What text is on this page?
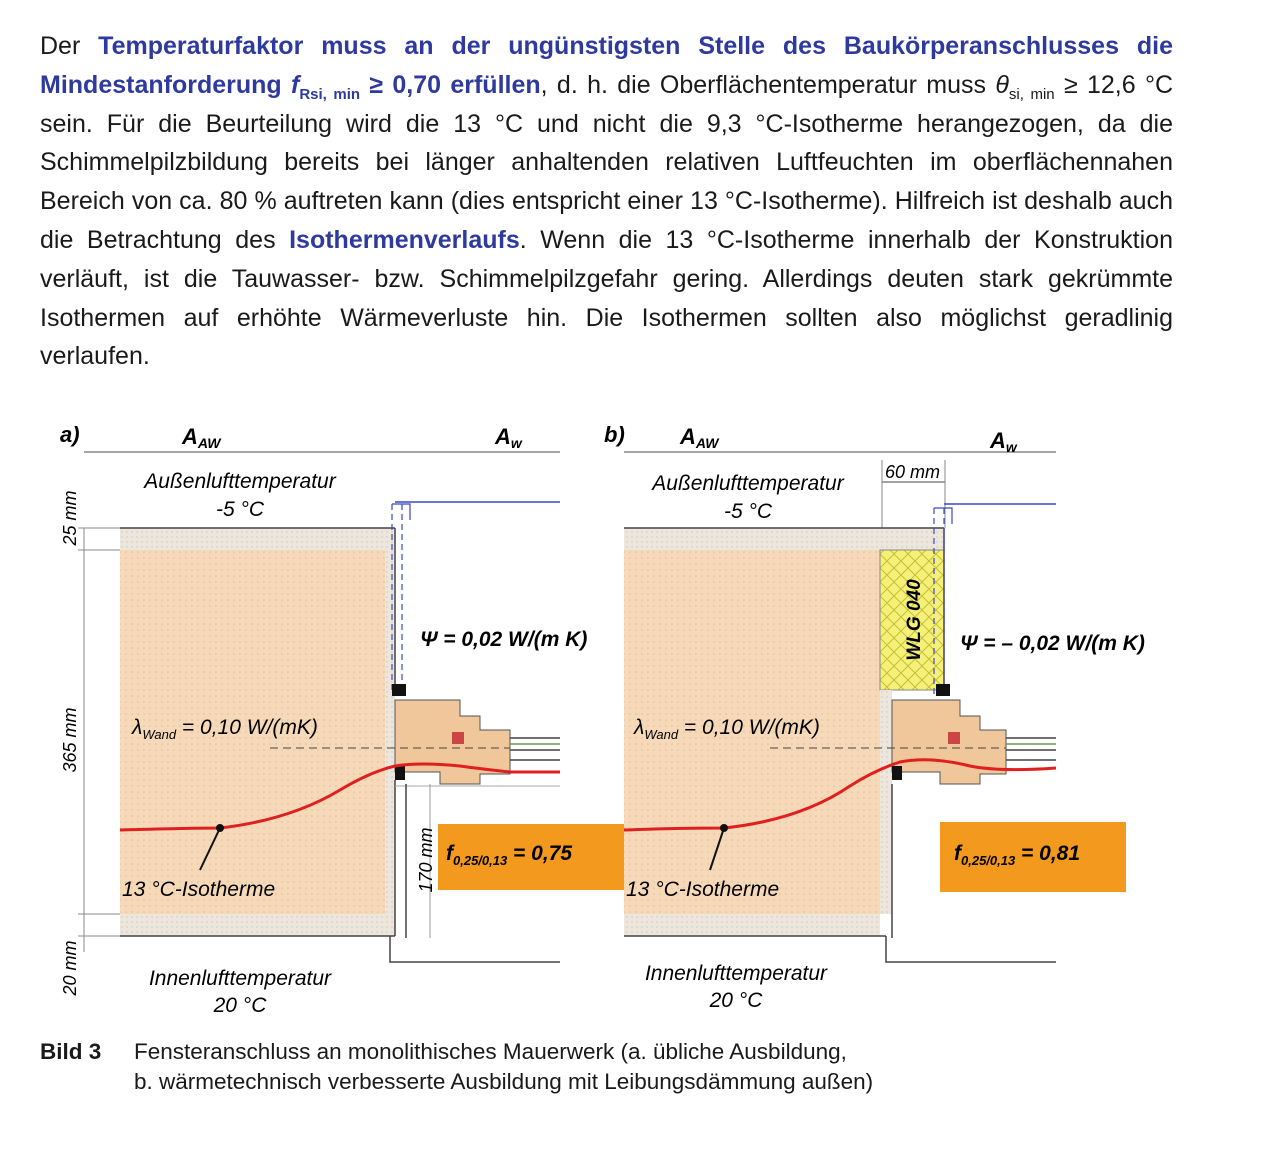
Der Temperaturfaktor muss an der ungünstigsten Stelle des Baukörperanschlusses die Mindestanforderung $f_{Rsi, min} \ge 0,70$ erfüllen, d. h. die Oberflächentemperatur muss $\theta_{si, min} \ge 12,6$ °C sein. Für die Beurteilung wird die 13 °C und nicht die 9,3 °C-Isotherme herangezogen, da die Schimmelpilzbildung bereits bei länger anhaltenden relativen Luftfeuchten im oberflächennahen Bereich von ca. 80 % auftreten kann (dies entspricht einer 13 °C-Isotherme). Hilfreich ist deshalb auch die Betrachtung des Isothermenverlaufs. Wenn die 13 °C-Isotherme innerhalb der Konstruktion verläuft, ist die Tauwasser- bzw. Schimmelpilzgefahr gering. Allerdings deuten stark gekrümmte Isothermen auf erhöhte Wärmeverluste hin. Die Isothermen sollten also möglichst geradlinig verlaufen.
a)	AAW	Aw
Außenlufttemperatur
-5 °C
25 mm
365 mm
20 mm
170 mm
Ψ = 0,02 W/(m K)
$\lambda_{Wand} = 0,10$ W/(mK)
13 °C-Isotherme
$f_{0,25/0,13} = 0,75$
Innenlufttemperatur
20 °C
b)	AAW	Aw
Außenlufttemperatur
-5 °C
60 mm
WLG 040 Ψ = – 0,02 W/(m K)
$\lambda_{Wand} = 0,10$ W/(mK)
13 °C-Isotherme
$f_{0,25/0,13} = 0,81$
Innenlufttemperatur
20 °C
Bild 3 Fensteranschluss an monolithisches Mauerwerk (a. übliche Ausbildung,
b. wärmetechnisch verbesserte Ausbildung mit Leibungsdämmung außen)
